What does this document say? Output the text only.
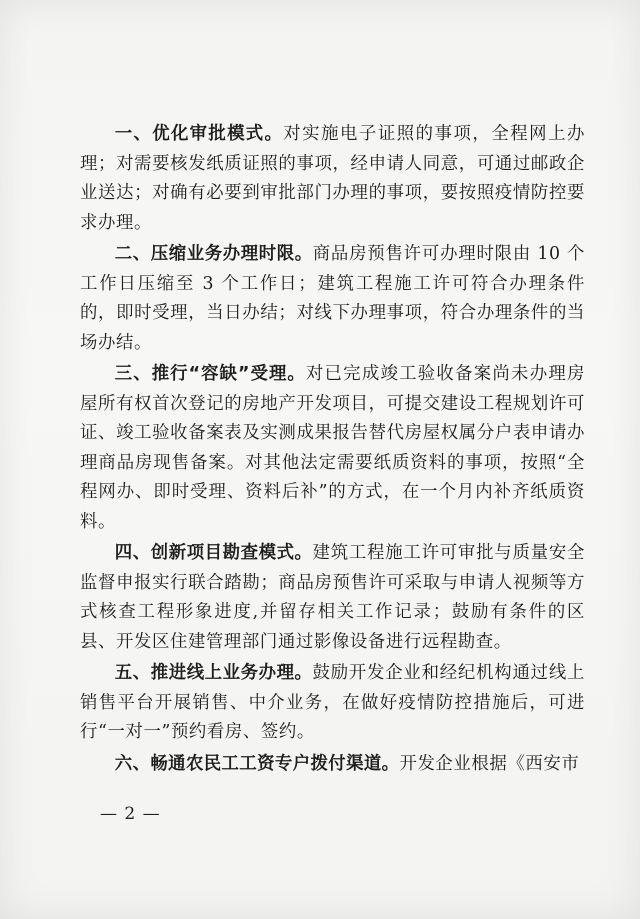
一、优化审批模式。对实施电子证照的事项，全程网上办理；对需要核发纸质证照的事项，经申请人同意，可通过邮政企业送达；对确有必要到审批部门办理的事项，要按照疫情防控要求办理。

二、压缩业务办理时限。商品房预售许可办理时限由 10 个工作日压缩至 3 个工作日；建筑工程施工许可符合办理条件的，即时受理，当日办结；对线下办理事项，符合办理条件的当场办结。

三、推行“容缺”受理。对已完成竣工验收备案尚未办理房屋所有权首次登记的房地产开发项目，可提交建设工程规划许可证、竣工验收备案表及实测成果报告替代房屋权属分户表申请办理商品房现售备案。对其他法定需要纸质资料的事项，按照“全程网办、即时受理、资料后补”的方式，在一个月内补齐纸质资料。

四、创新项目勘查模式。建筑工程施工许可审批与质量安全监督申报实行联合踏勘；商品房预售许可采取与申请人视频等方式核查工程形象进度,并留存相关工作记录；鼓励有条件的区县、开发区住建管理部门通过影像设备进行远程勘查。

五、推进线上业务办理。鼓励开发企业和经纪机构通过线上销售平台开展销售、中介业务，在做好疫情防控措施后，可进行“一对一”预约看房、签约。

六、畅通农民工工资专户拨付渠道。开发企业根据《西安市

— 2 —
